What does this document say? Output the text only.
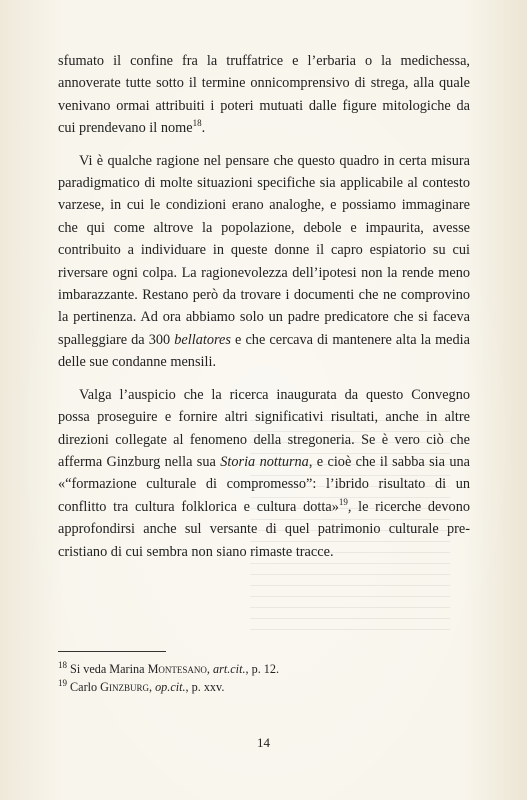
sfumato il confine fra la truffatrice e l’erbaria o la medichessa, annoverate tutte sotto il termine onnicomprensivo di strega, alla quale venivano ormai attribuiti i poteri mutuati dalle figure mitologiche da cui prendevano il nome$^{18}$.

Vi è qualche ragione nel pensare che questo quadro in certa misura paradigmatico di molte situazioni specifiche sia applicabile al contesto varzese, in cui le condizioni erano analoghe, e possiamo immaginare che qui come altrove la popolazione, debole e impaurita, avesse contribuito a individuare in queste donne il capro espiatorio su cui riversare ogni colpa. La ragionevolezza dell’ipotesi non la rende meno imbarazzante. Restano però da trovare i documenti che ne comprovino la pertinenza. Ad ora abbiamo solo un padre predicatore che si faceva spalleggiare da 300 bellatores e che cercava di mantenere alta la media delle sue condanne mensili.

Valga l’auspicio che la ricerca inaugurata da questo Convegno possa proseguire e fornire altri significativi risultati, anche in altre direzioni collegate al fenomeno della stregoneria. Se è vero ciò che afferma Ginzburg nella sua Storia notturna, e cioè che il sabba sia una «“formazione culturale di compromesso”: l’ibrido risultato di un conflitto tra cultura folklorica e cultura dotta»$^{19}$, le ricerche devono approfondirsi anche sul versante di quel patrimonio culturale pre-cristiano di cui sembra non siano rimaste tracce.

$^{18}$ Si veda Marina Montesano, art.cit., p. 12.

$^{19}$ Carlo Ginzburg, op.cit., p. xxv.

14
